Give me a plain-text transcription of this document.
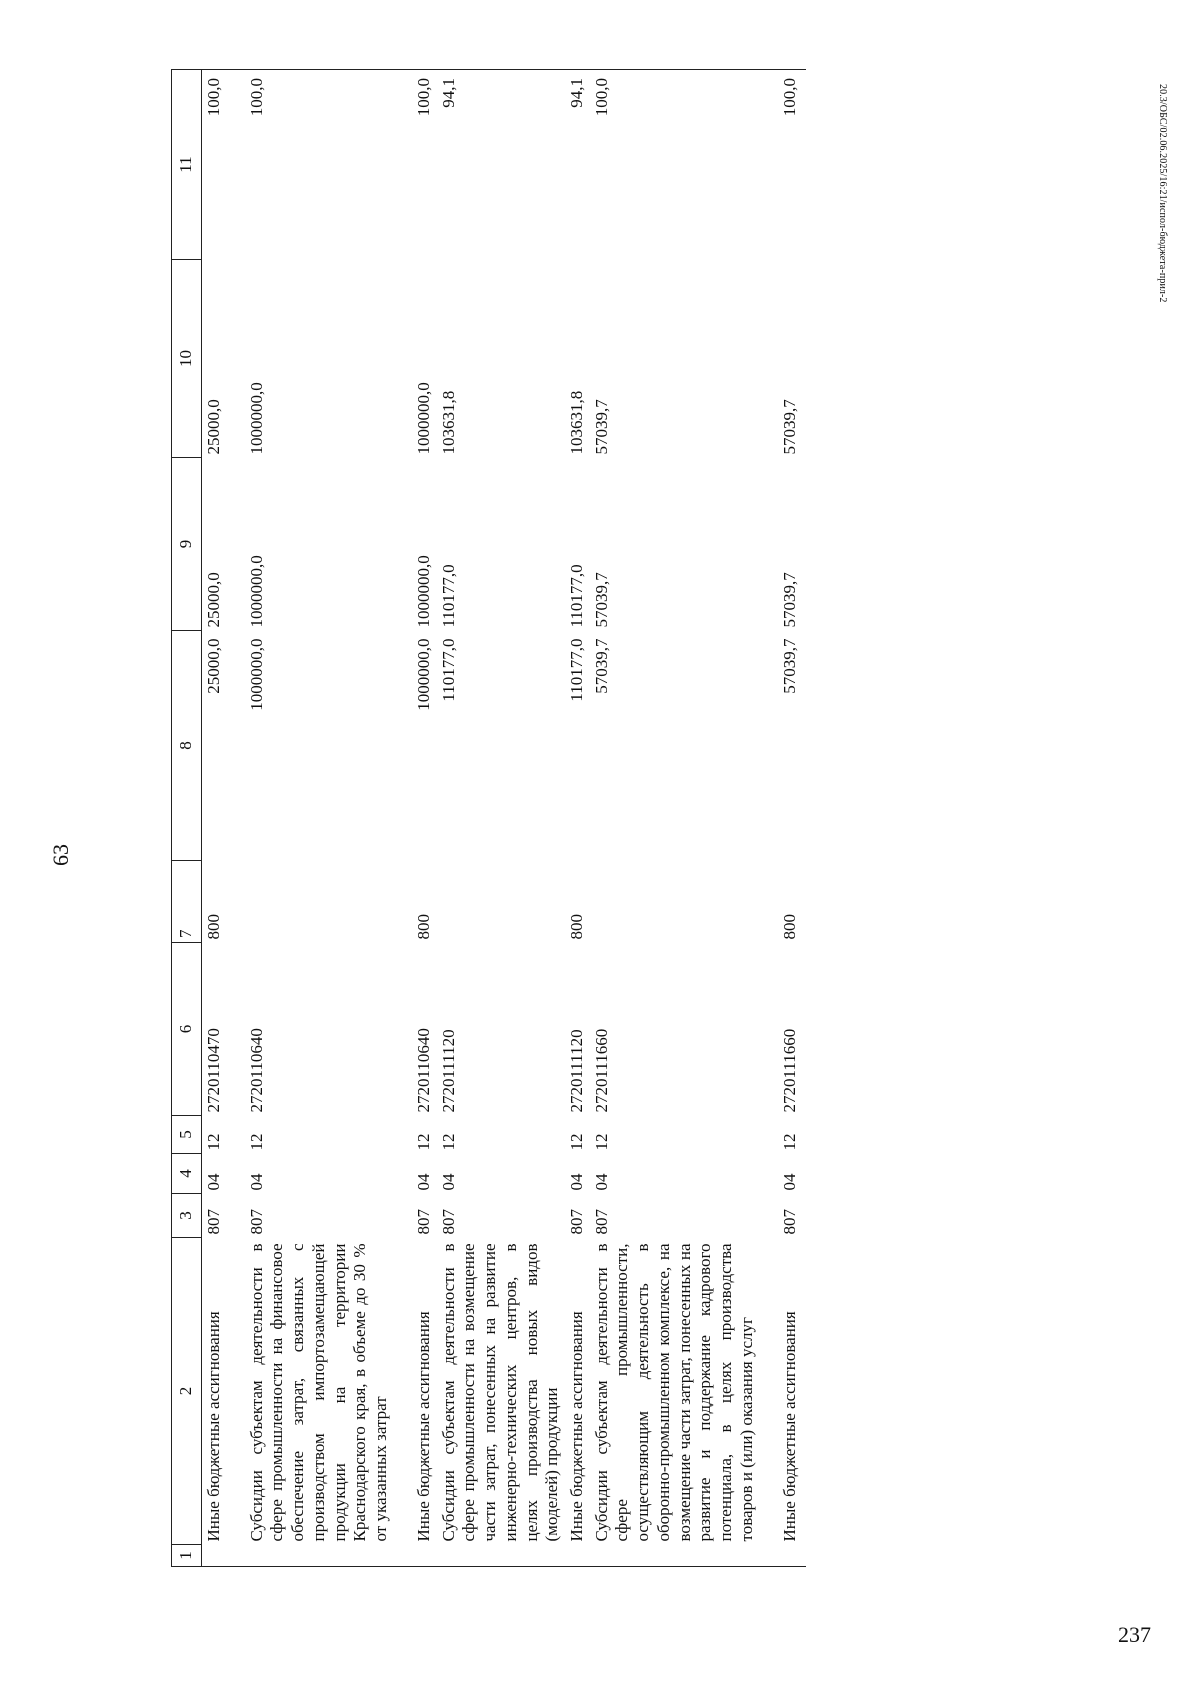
63
237
20.3/ОБС/02.06.2025/16:21/испол-бюджета-прил-2
1	2	3	4	5	6	7	8	9	10	11
	Иные бюджетные ассигнования	807	04	12	2720110470	800	25000,0	25000,0	25000,0	100,0

	Субсидии субъектам деятельности в сфере промышленности на финансовое обеспечение затрат, связанных с производством импортозамещающей продукции на территории Краснодарского края, в объеме до 30 % от указанных затрат	807	04	12	2720110640		1000000,0	1000000,0	1000000,0	100,0

	Иные бюджетные ассигнования	807	04	12	2720110640	800	1000000,0	1000000,0	1000000,0	100,0
	Субсидии субъектам деятельности в сфере промышленности на возмещение части затрат, понесенных на развитие инженерно-технических центров, в целях производства новых видов (моделей) продукции	807	04	12	2720111120		110177,0	110177,0	103631,8	94,1
	Иные бюджетные ассигнования	807	04	12	2720111120	800	110177,0	110177,0	103631,8	94,1
	Субсидии субъектам деятельности в сфере промышленности, осуществляющим деятельность в оборонно-промышленном комплексе, на возмещение части затрат, понесенных на развитие и поддержание кадрового потенциала, в целях производства товаров и (или) оказания услуг	807	04	12	2720111660		57039,7	57039,7	57039,7	100,0

	Иные бюджетные ассигнования	807	04	12	2720111660	800	57039,7	57039,7	57039,7	100,0
